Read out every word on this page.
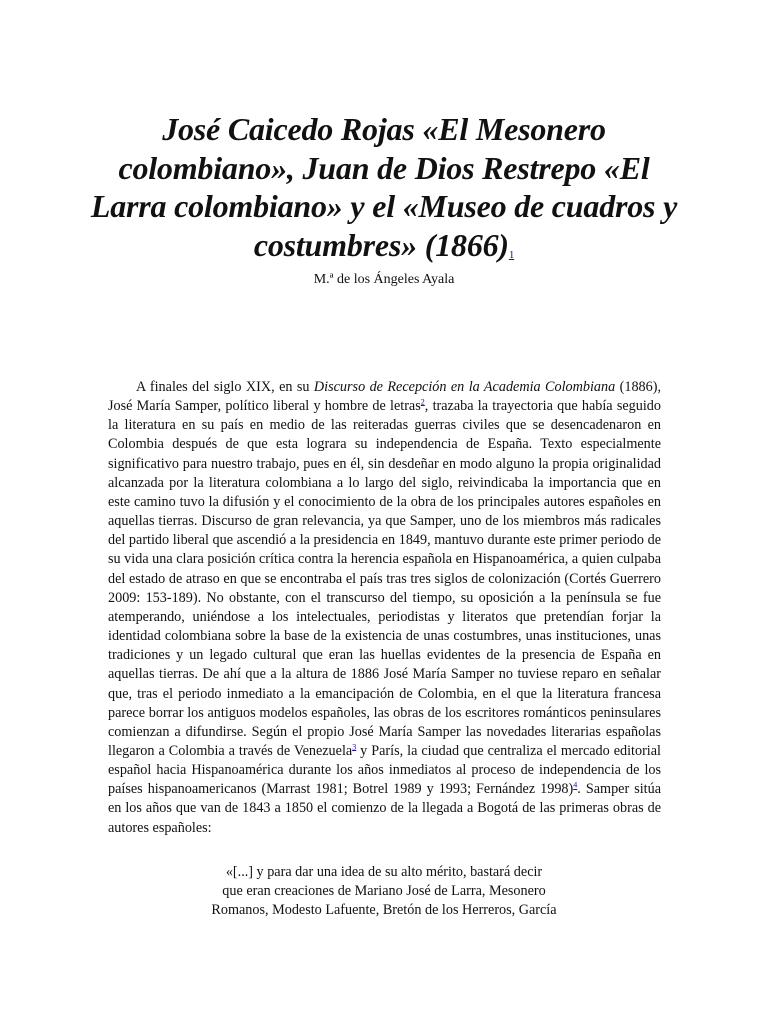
José Caicedo Rojas «El Mesonero colombiano», Juan de Dios Restrepo «El Larra colombiano» y el «Museo de cuadros y costumbres» (1866)$^1$
M.ª de los Ángeles Ayala

A finales del siglo XIX, en su Discurso de Recepción en la Academia Colombiana (1886), José María Samper, político liberal y hombre de letras$^2$, trazaba la trayectoria que había seguido la literatura en su país en medio de las reiteradas guerras civiles que se desencadenaron en Colombia después de que esta lograra su independencia de España. Texto especialmente significativo para nuestro trabajo, pues en él, sin desdeñar en modo alguno la propia originalidad alcanzada por la literatura colombiana a lo largo del siglo, reivindicaba la importancia que en este camino tuvo la difusión y el conocimiento de la obra de los principales autores españoles en aquellas tierras. Discurso de gran relevancia, ya que Samper, uno de los miembros más radicales del partido liberal que ascendió a la presidencia en 1849, mantuvo durante este primer periodo de su vida una clara posición crítica contra la herencia española en Hispanoamérica, a quien culpaba del estado de atraso en que se encontraba el país tras tres siglos de colonización (Cortés Guerrero 2009: 153-189). No obstante, con el transcurso del tiempo, su oposición a la península se fue atemperando, uniéndose a los intelectuales, periodistas y literatos que pretendían forjar la identidad colombiana sobre la base de la existencia de unas costumbres, unas instituciones, unas tradiciones y un legado cultural que eran las huellas evidentes de la presencia de España en aquellas tierras. De ahí que a la altura de 1886 José María Samper no tuviese reparo en señalar que, tras el periodo inmediato a la emancipación de Colombia, en el que la literatura francesa parece borrar los antiguos modelos españoles, las obras de los escritores románticos peninsulares comienzan a difundirse. Según el propio José María Samper las novedades literarias españolas llegaron a Colombia a través de Venezuela$^3$ y París, la ciudad que centraliza el mercado editorial español hacia Hispanoamérica durante los años inmediatos al proceso de independencia de los países hispanoamericanos (Marrast 1981; Botrel 1989 y 1993; Fernández 1998)$^4$. Samper sitúa en los años que van de 1843 a 1850 el comienzo de la llegada a Bogotá de las primeras obras de autores españoles:

«[...] y para dar una idea de su alto mérito, bastará decir
que eran creaciones de Mariano José de Larra, Mesonero
Romanos, Modesto Lafuente, Bretón de los Herreros, García
